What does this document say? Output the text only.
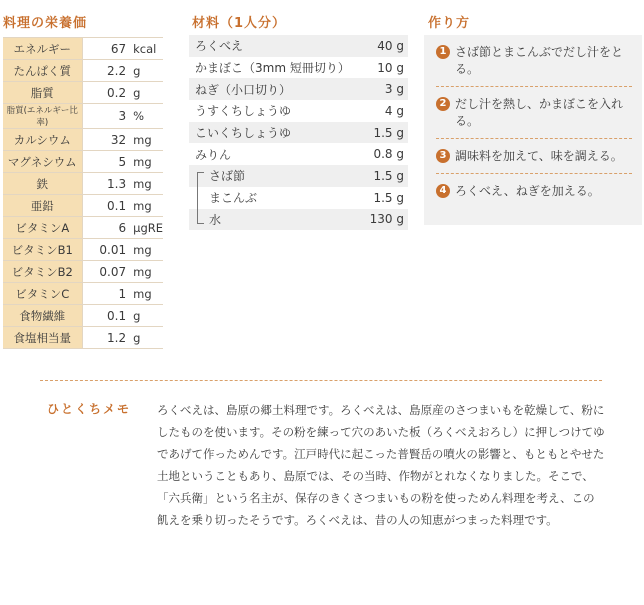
料理の栄養価	材料（1人分）	作り方
エネルギー	67	kcal
たんぱく質	2.2	g
脂質	0.2	g
脂質(エネルギー比率)	3	%
カルシウム	32	mg
マグネシウム	5	mg
鉄	1.3	mg
亜鉛	0.1	mg
ビタミンA	6	μgRE
ビタミンB1	0.01	mg
ビタミンB2	0.07	mg
ビタミンC	1	mg
食物繊維	0.1	g
食塩相当量	1.2	g
ろくべえ	40 g
かまぼこ（3mm 短冊切り） 10 g
ねぎ（小口切り）	3 g
うすくちしょうゆ	4 g
こいくちしょうゆ	1.5 g
みりん	0.8 g
さば節	1.5 g
まこんぶ	1.5 g
水	130 g
1 さば節とまこんぶでだし汁をとる。
2 だし汁を熱し、かまぼこを入れる。
3 調味料を加えて、味を調える。
4 ろくべえ、ねぎを加える。
ひとくちメモ ろくべえは、島原の郷土料理です。ろくべえは、島原産のさつまいもを乾燥して、粉にしたものを使います。その粉を練って穴のあいた板（ろくべえおろし）に押しつけてゆであげて作っためんです。江戸時代に起こった普賢岳の噴火の影響と、もともとやせた土地ということもあり、島原では、その当時、作物がとれなくなりました。そこで、「六兵衛」という名主が、保存のきくさつまいもの粉を使っためん料理を考え、この飢えを乗り切ったそうです。ろくべえは、昔の人の知恵がつまった料理です。
